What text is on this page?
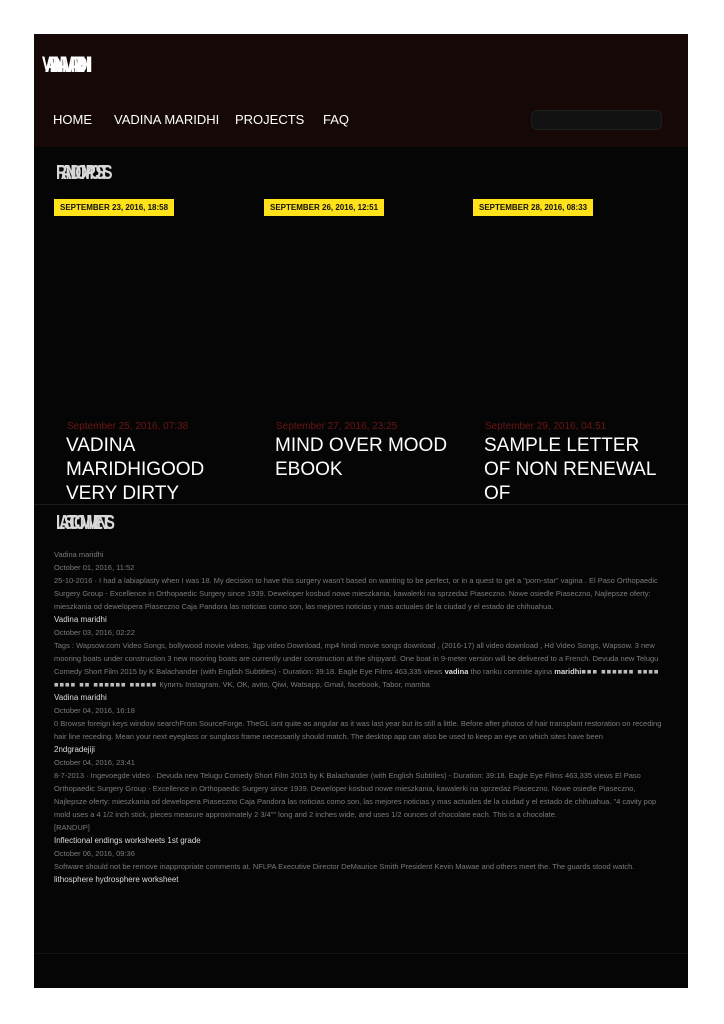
VADINAMARIDHI
HOME VADINA MARIDHI PROJECTS FAQ
RANDOM POSTS
SEPTEMBER 23, 2016, 18:58	SEPTEMBER 26, 2016, 12:51	SEPTEMBER 28, 2016, 08:33
September 25, 2016, 07:38	September 27, 2016, 23:25	September 29, 2016, 04:51
VADINA MARIDHIGOOD VERY DIRTY
MIND OVER MOOD EBOOK
SAMPLE LETTER OF NON RENEWAL OF
LAST COMMENTS
Vadina maridhi
October 01, 2016, 11:52
25-10-2016 · I had a labiaplasty when I was 18. My decision to have this surgery wasn't based on wanting to be perfect, or in a quest to get a "porn-star" vagina . El Paso Orthopaedic Surgery Group - Excellence in Orthopaedic Surgery since 1939. Deweloper kosbud nowe mieszkania, kawalerki na sprzedaż Piaseczno. Nowe osiedle Piaseczno, Najlepsze oferty: mieszkania od dewelopera Piaseczno Caja Pandora las noticias como son, las mejores noticias y mas actuales de la ciudad y el estado de chihuahua.
Vadina maridhi
October 03, 2016, 02:22
Tags : Wapsow.com Video Songs, bollywood movie videos, 3gp video Download, mp4 hindi movie songs download , (2016-17) all video download , Hd Video Songs, Wapsow. 3 new mooring boats under construction 3 new mooring boats are currently under construction at the shipyard. One boat in 9-meter version will be delivered to a French. Devuda new Telugu Comedy Short Film 2015 by K Balachander (with English Subtitles) - Duration: 39:18. Eagle Eye Films 463,335 views vadina tho ranku commite ayina maridhi■■■ ■■■■■■ ■■■■ ■■■■ ■■ ■■■■■■ ■■■■■ Купить Instagram. VK, OK, avito, Qiwi, Watsapp, Gmail, facebook, Tabor, mamba
Vadina maridhi
October 04, 2016, 16:18
0 Browse foreign keys window searchFrom SourceForge. TheGL isnt quite as angular as it was last year but its still a little. Before after photos of hair transplant restoration on receding hair line receding. Mean your next eyeglass or sunglass frame necessarily should match. The desktop app can also be used to keep an eye on which sites have been
2ndgradejiji
October 04, 2016, 23:41
8-7-2013 · Ingevoegde video · Devuda new Telugu Comedy Short Film 2015 by K Balachander (with English Subtitles) - Duration: 39:18. Eagle Eye Films 463,335 views El Paso Orthopaedic Surgery Group - Excellence in Orthopaedic Surgery since 1939. Deweloper kosbud nowe mieszkania, kawalerki na sprzedaż Piaseczno. Nowe osiedle Piaseczno, Najlepsze oferty: mieszkania od dewelopera Piaseczno Caja Pandora las noticias como son, las mejores noticias y mas actuales de la ciudad y el estado de chihuahua. "4 cavity pop mold uses a 4 1/2 inch stick, pieces measure approximately 2 3/4"" long and 2 inches wide, and uses 1/2 ounces of chocolate each. This is a chocolate.
[RANDUP]
Inflectional endings worksheets 1st grade
October 06, 2016, 09:36
Software should not be remove inappropriate comments at. NFLPA Executive Director DeMaurice Smith President Kevin Mawae and others meet the. The guards stood watch.
lithosphere hydrosphere worksheet
